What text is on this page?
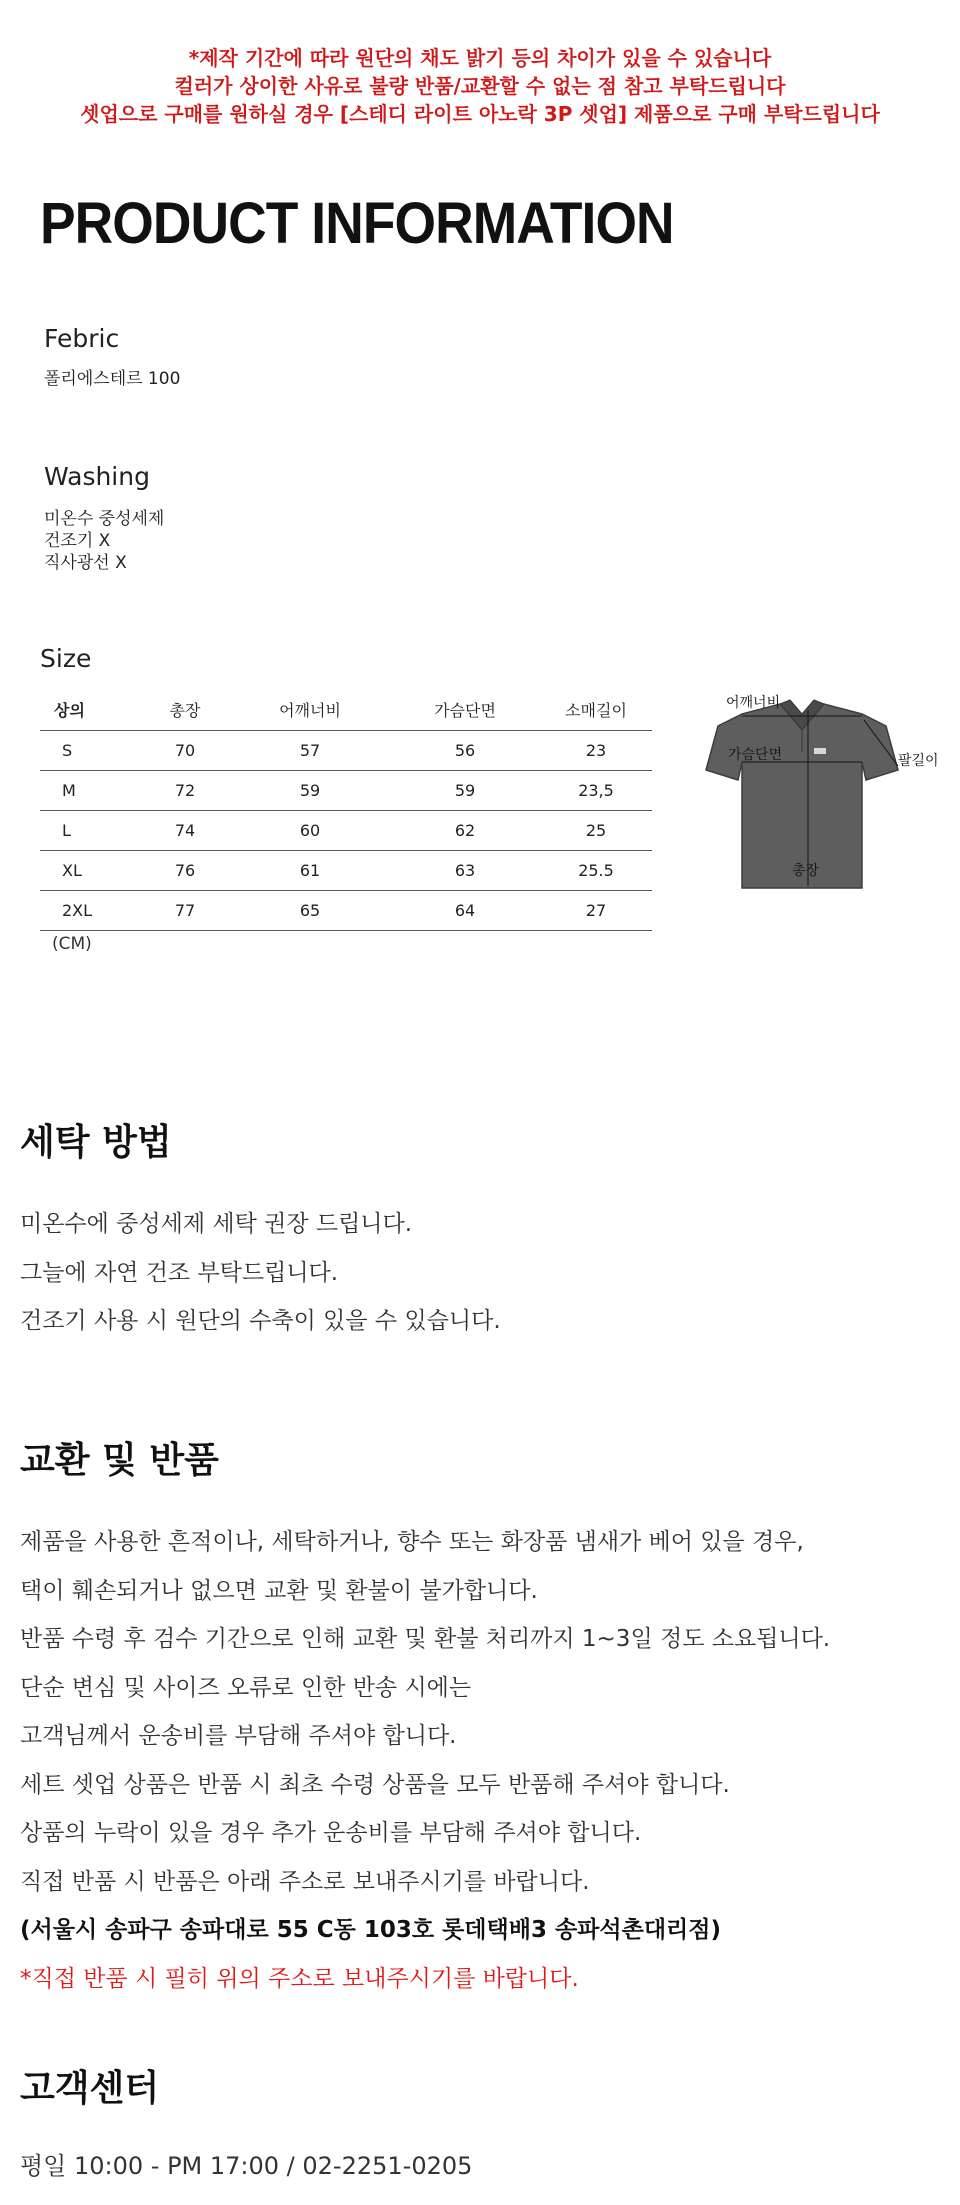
*제작 기간에 따라 원단의 채도 밝기 등의 차이가 있을 수 있습니다
컬러가 상이한 사유로 불량 반품/교환할 수 없는 점 참고 부탁드립니다
셋업으로 구매를 원하실 경우 [스테디 라이트 아노락 3P 셋업] 제품으로 구매 부탁드립니다
PRODUCT INFORMATION
Febric
폴리에스테르 100
Washing
미온수 중성세제
건조기 X
직사광선 X
Size
상의	총장	어깨너비	가슴단면	소매길이
S	70	57	56	23
M	72	59	59	23,5
L	74	60	62	25
XL	76	61	63	25.5
2XL	77	65	64	27
(CM)
어깨너비
가슴단면	팔길이
총장
세탁 방법
미온수에 중성세제 세탁 권장 드립니다.
그늘에 자연 건조 부탁드립니다.
건조기 사용 시 원단의 수축이 있을 수 있습니다.
교환 및 반품
제품을 사용한 흔적이나, 세탁하거나, 향수 또는 화장품 냄새가 베어 있을 경우,
택이 훼손되거나 없으면 교환 및 환불이 불가합니다.
반품 수령 후 검수 기간으로 인해 교환 및 환불 처리까지 1~3일 정도 소요됩니다.
단순 변심 및 사이즈 오류로 인한 반송 시에는
고객님께서 운송비를 부담해 주셔야 합니다.
세트 셋업 상품은 반품 시 최초 수령 상품을 모두 반품해 주셔야 합니다.
상품의 누락이 있을 경우 추가 운송비를 부담해 주셔야 합니다.
직접 반품 시 반품은 아래 주소로 보내주시기를 바랍니다.
(서울시 송파구 송파대로 55 C동 103호 롯데택배3 송파석촌대리점)
*직접 반품 시 필히 위의 주소로 보내주시기를 바랍니다.
고객센터
평일 10:00 - PM 17:00 / 02-2251-0205
